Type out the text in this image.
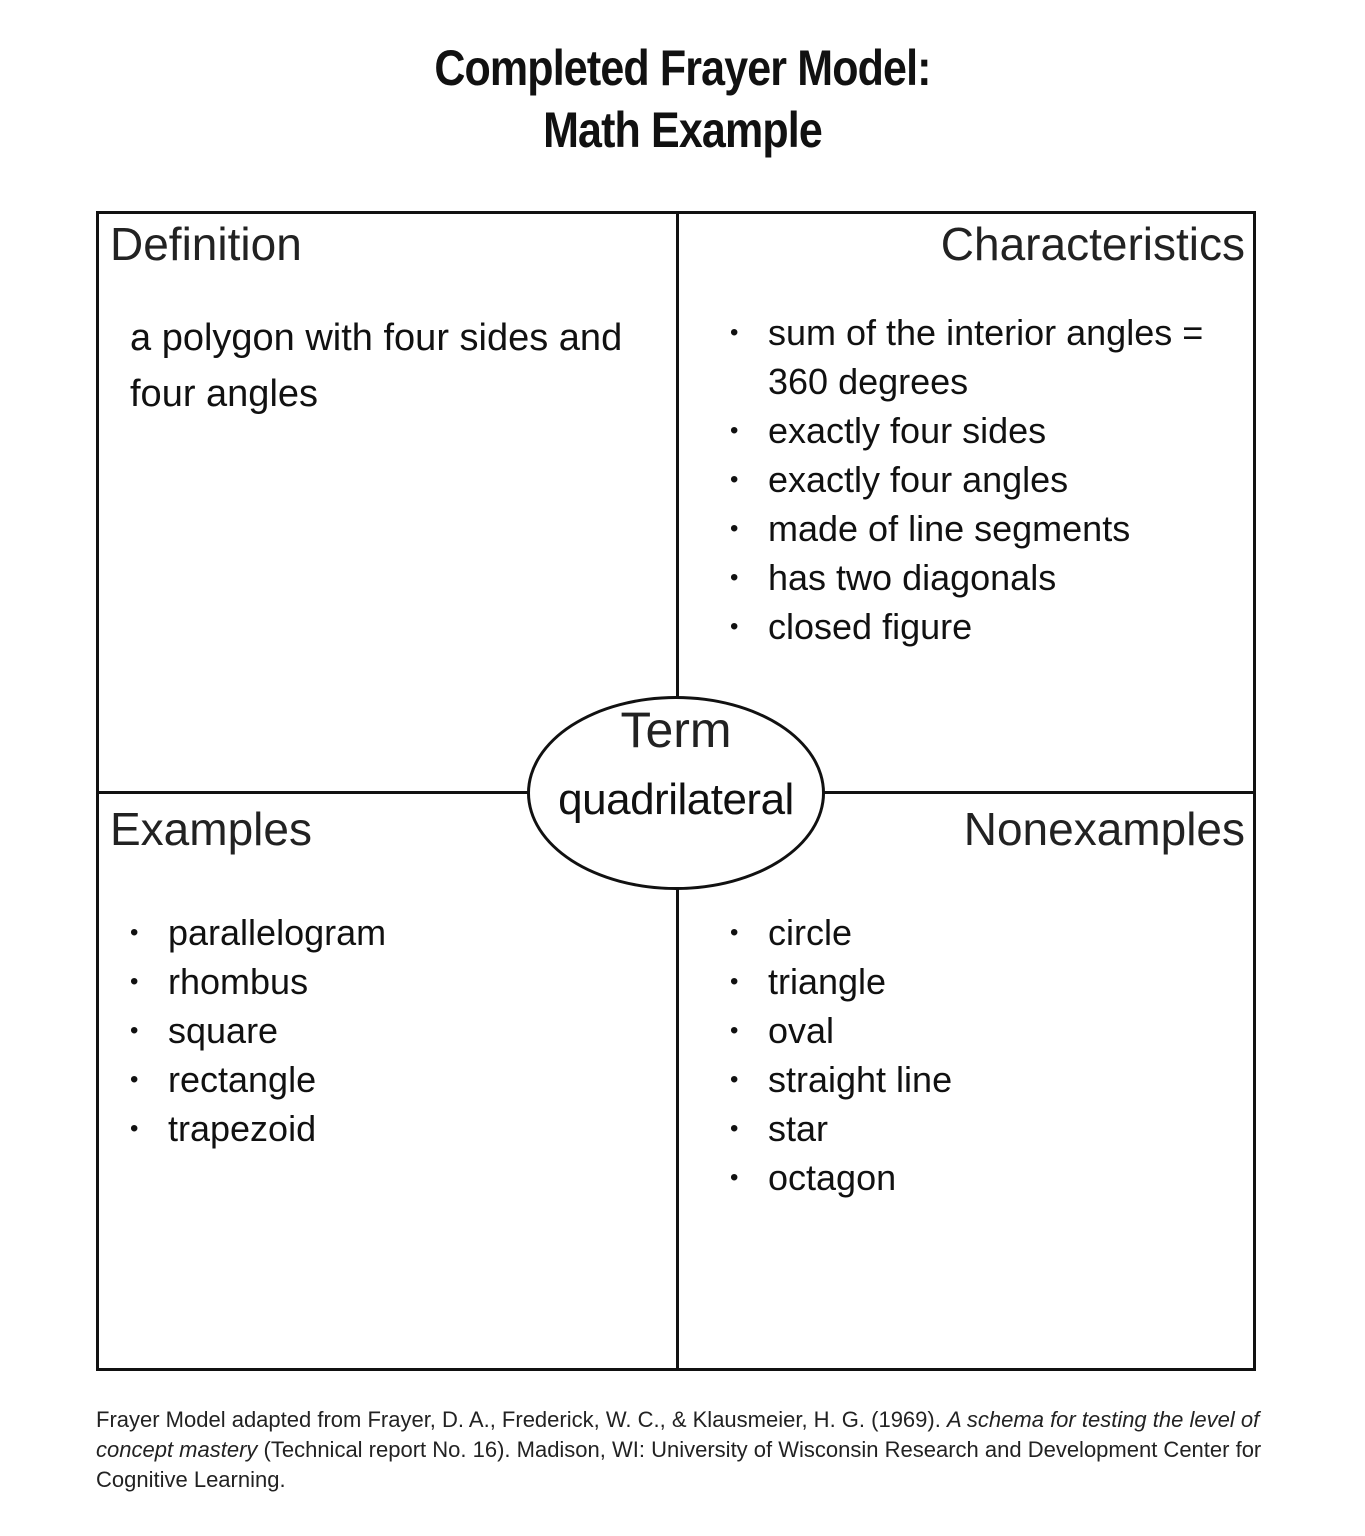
Completed Frayer Model:
Math Example
Definition

a polygon with four sides and four angles

Characteristics
• sum of the interior angles = 360 degrees
• exactly four sides
• exactly four angles
• made of line segments
• has two diagonals
• closed figure
Examples
• parallelogram
• rhombus
• square
• rectangle
• trapezoid
Nonexamples
• circle
• triangle
• oval
• straight line
• star
• octagon
Term
quadrilateral

Frayer Model adapted from Frayer, D. A., Frederick, W. C., & Klausmeier, H. G. (1969). A schema for testing the level of concept mastery (Technical report No. 16). Madison, WI: University of Wisconsin Research and Development Center for Cognitive Learning.
